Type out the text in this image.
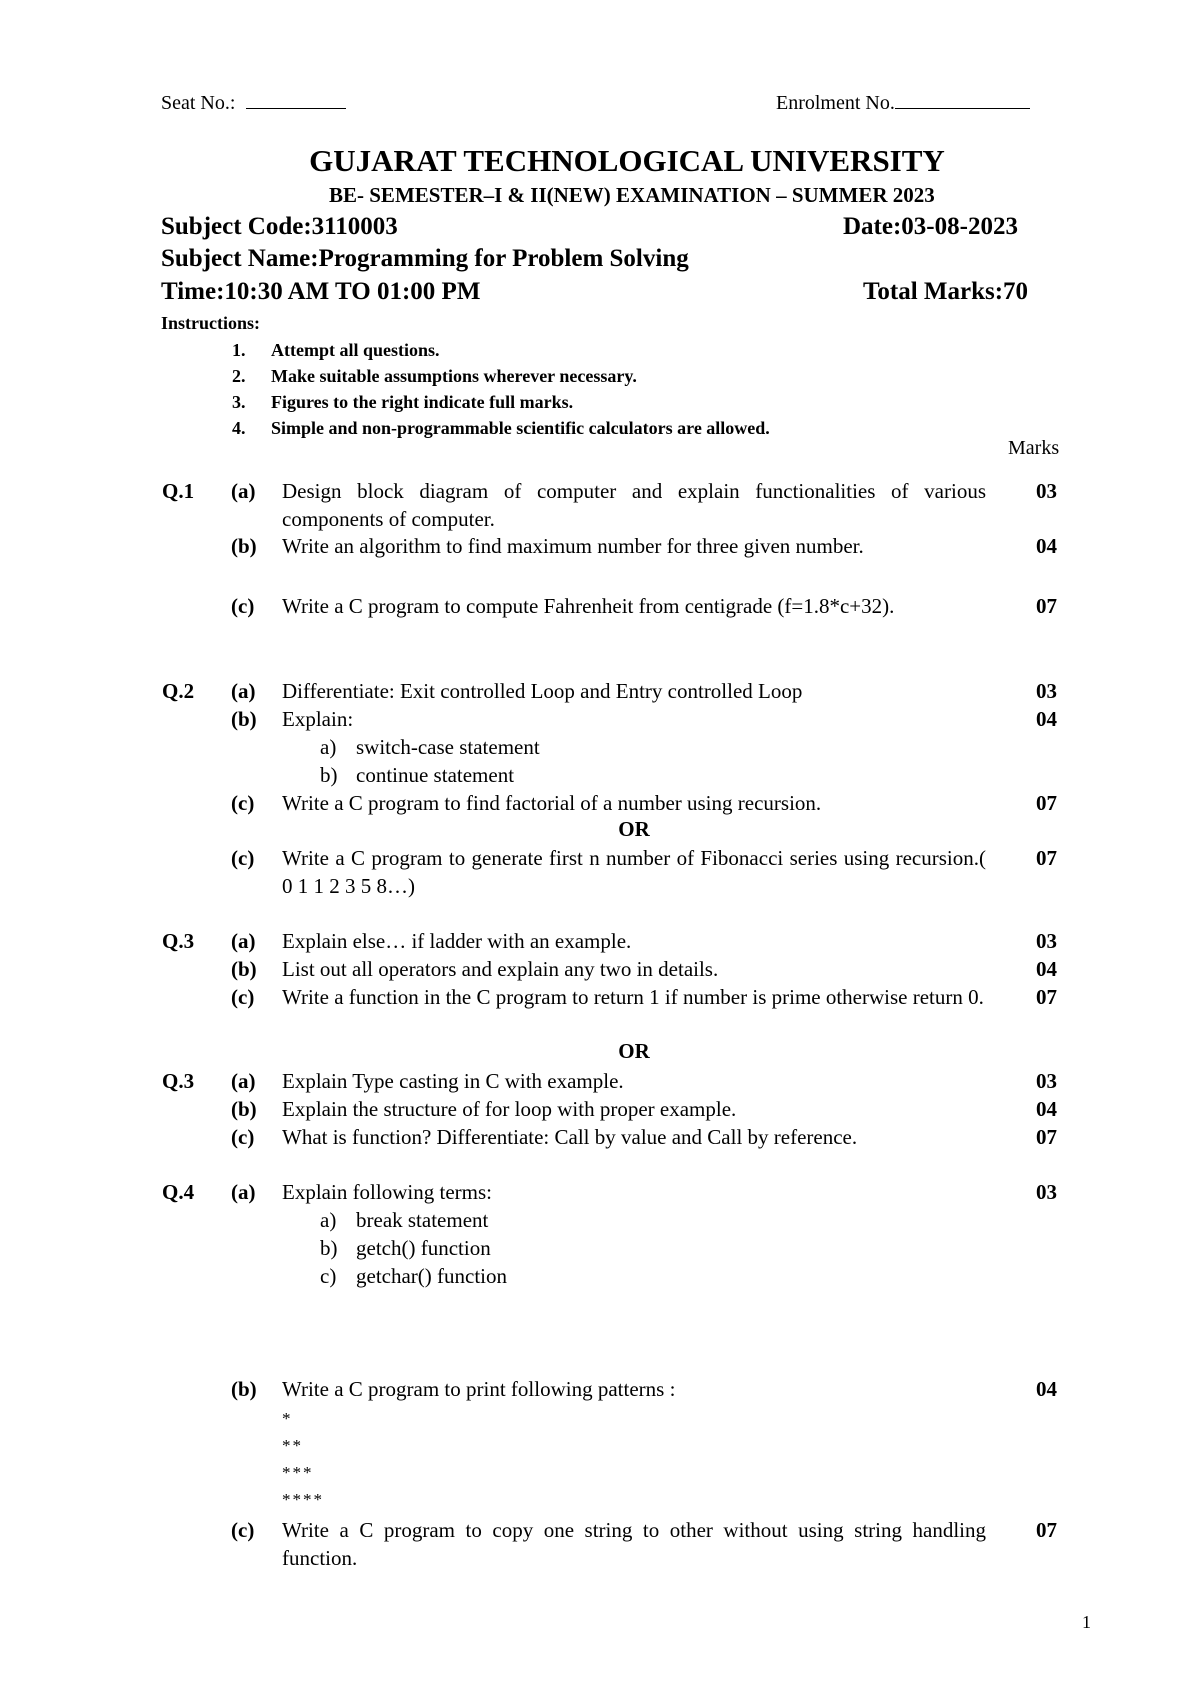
Seat No.:	Enrolment No.
GUJARAT TECHNOLOGICAL UNIVERSITY
BE- SEMESTER–I & II(NEW) EXAMINATION – SUMMER 2023
Subject Code:3110003	Date:03-08-2023
Subject Name:Programming for Problem Solving
Time:10:30 AM TO 01:00 PM	Total Marks:70
Instructions:
1. Attempt all questions.
2. Make suitable assumptions wherever necessary.
3. Figures to the right indicate full marks.
4. Simple and non-programmable scientific calculators are allowed.
Marks
Q.1 (a) Design block diagram of computer and explain functionalities of various components of computer.
03
(b) Write an algorithm to find maximum number for three given number.	04
(c) Write a C program to compute Fahrenheit from centigrade (f=1.8*c+32).	07
Q.2 (a) Differentiate: Exit controlled Loop and Entry controlled Loop	03
(b) Explain:	04
a) switch-case statement
b) continue statement
(c) Write a C program to find factorial of a number using recursion.	07
OR
(c) Write a C program to generate first n number of Fibonacci series using recursion.( 0 1 1 2 3 5 8…)
07
Q.3 (a) Explain else… if ladder with an example.	03
(b) List out all operators and explain any two in details.	04
(c) Write a function in the C program to return 1 if number is prime otherwise return 0. 07
OR
Q.3 (a) Explain Type casting in C with example.	03
(b) Explain the structure of for loop with proper example.	04
(c) What is function? Differentiate: Call by value and Call by reference.	07
Q.4 (a) Explain following terms:	03
a) break statement
b) getch() function
c) getchar() function
(b) Write a C program to print following patterns :	04
*
**
***
****
(c) Write a C program to copy one string to other without using string handling function.
07
1
